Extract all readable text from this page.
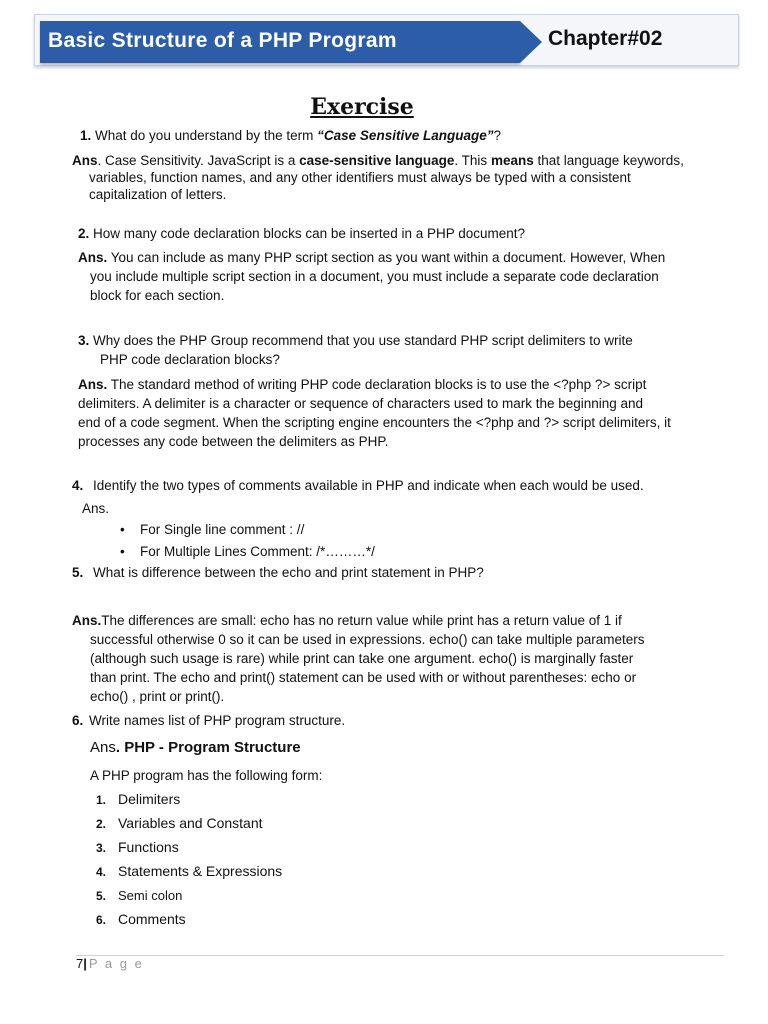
Basic Structure of a PHP Program	Chapter#02
Exercise
1. What do you understand by the term “Case Sensitive Language”?
Ans. Case Sensitivity. JavaScript is a case-sensitive language. This means that language keywords,
variables, function names, and any other identifiers must always be typed with a consistent
capitalization of letters.
2. How many code declaration blocks can be inserted in a PHP document?
Ans. You can include as many PHP script section as you want within a document. However, When
you include multiple script section in a document, you must include a separate code declaration
block for each section.
3. Why does the PHP Group recommend that you use standard PHP script delimiters to write
PHP code declaration blocks?
Ans. The standard method of writing PHP code declaration blocks is to use the <?php ?> script
delimiters. A delimiter is a character or sequence of characters used to mark the beginning and
end of a code segment. When the scripting engine encounters the <?php and ?> script delimiters, it
processes any code between the delimiters as PHP.
4. Identify the two types of comments available in PHP and indicate when each would be used.
Ans.
• For Single line comment : //
• For Multiple Lines Comment: /*………*/
5. What is difference between the echo and print statement in PHP?
Ans.The differences are small: echo has no return value while print has a return value of 1 if
successful otherwise 0 so it can be used in expressions. echo() can take multiple parameters
(although such usage is rare) while print can take one argument. echo() is marginally faster
than print. The echo and print() statement can be used with or without parentheses: echo or
echo() , print or print().
6. Write names list of PHP program structure.
Ans. PHP - Program Structure
A PHP program has the following form:
1. Delimiters
2. Variables and Constant
3. Functions
4. Statements & Expressions
5. Semi colon
6. Comments
7| P a g e
